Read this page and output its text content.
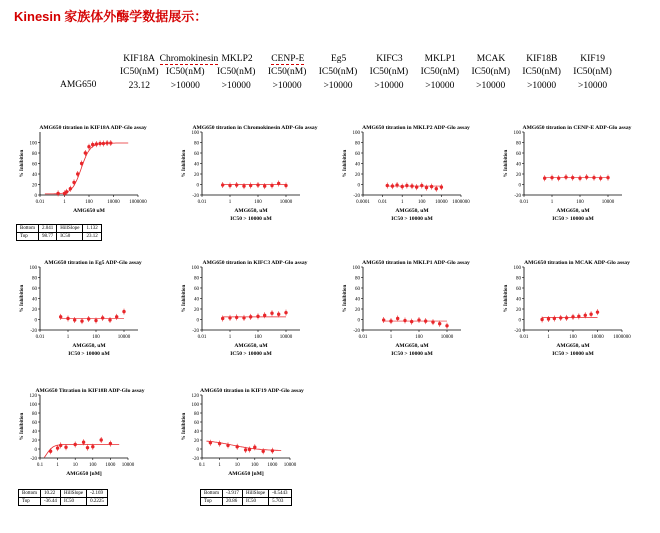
Kinesin 家族体外酶学数据展示：
KIF18A Chromokinesin MKLP2	CENP-E	Eg5	KIFC3	MKLP1	MCAK	KIF18B	KIF19
IC50(nM) IC50(nM)	IC50(nM)	IC50(nM)	IC50(nM)	IC50(nM)	IC50(nM)	IC50(nM)	IC50(nM)	IC50(nM)
AMG650	23.12	>10000	>10000	>10000	>10000	>10000	>10000	>10000	>10000	>10000
AMG650 titration in KIF18A ADP-Glo assay
0
20
40
60
80
100
0.01	1	100	10000 1000000
AMG650 uM
% Inhibition
Bottom	2.041	HillSlope	1.132
Top	98.77	IC50	23.12
AMG650 titration in Chromokinesin ADP-Glo assay
-20
0
20
40
60
80
100
0.01	1	100	10000
AMG650, uM
% Inhibition
IC50 > 10000 nM
AMG650 titration in MKLP2 ADP-Glo assay
-20
0
20
40
60
80
100
0.0001 0.01	1	100 10000 1000000
AMG650, uM
% Inhibition
IC50 > 10000 nM
AMG650 titration in CENP-E ADP-Glo assay
-20
0
20
40
60
80
100
0.01	1	100	10000
AMG650, uM
% Inhibition
IC50 > 10000 nM
AMG650 titration in Eg5 ADP-Glo assay
-20
0
20
40
60
80
100
0.01	1	100	10000
AMG650, uM
% Inhibition
IC50 > 10000 nM
AMG650 titration in KIFC3 ADP-Glo assay
-20
0
20
40
60
80
100
0.01	1	100	10000
AMG650, uM
% Inhibition
IC50 > 10000 nM
AMG650 titration in MKLP1 ADP-Glo assay
-20
0
20
40
60
80
100
0.01	1	100	10000
AMG650, uM
% Inhibition
IC50 > 10000 nM
AMG650 titration in MCAK ADP-Glo assay
-20
0
20
40
60
80
100
0.01	1	100	10000 1000000
AMG650, uM
% Inhibition
IC50 > 10000 nM
AMG650 Titration in KIF18B ADP-Glo assay
-20
0
20
40
60
80
100
120
0.1	1	10 100 1000 10000
AMG650 [nM]
% Inhibition
Bottom	10.22	HillSlope	-2.169
Top	-36.44	IC50	0.2225
AMG650 titration in KIF19 ADP-Glo assay
-20
0
20
40
60
80
100
120
0.1	1	10 100 1000 10000
AMG650 [nM]
% Inhibition
Bottom	-3.917	HillSlope	-0.5443
Top	20.86	IC50	5.703
